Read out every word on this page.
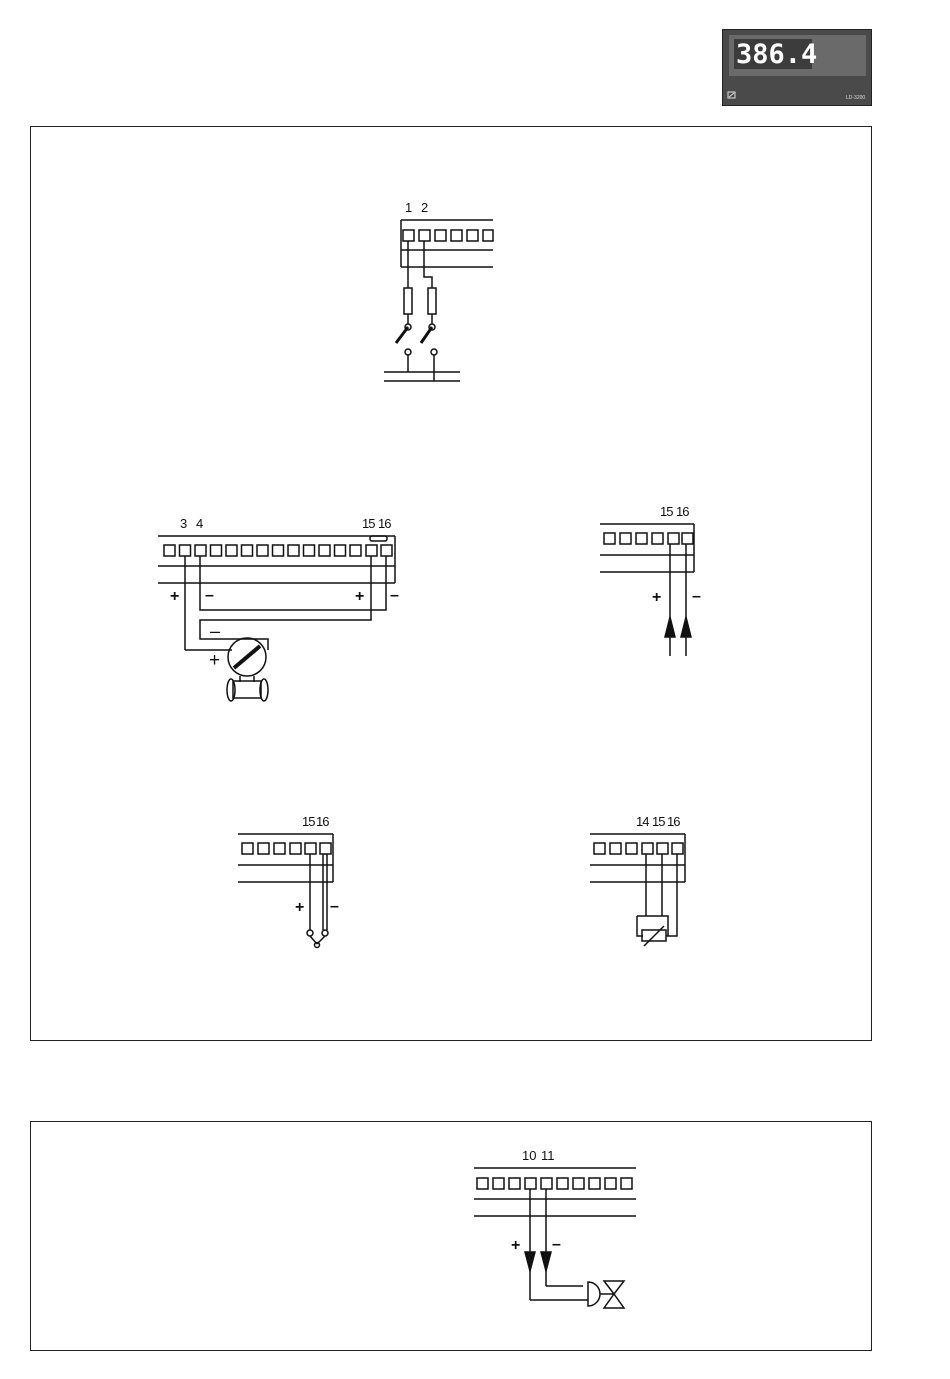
386.4
LD-3200
1 2
3 4	15 16
+ –	+ –
–
+
15 16
+ –
15 16
+ –
14 15 16
10 11
+ –
